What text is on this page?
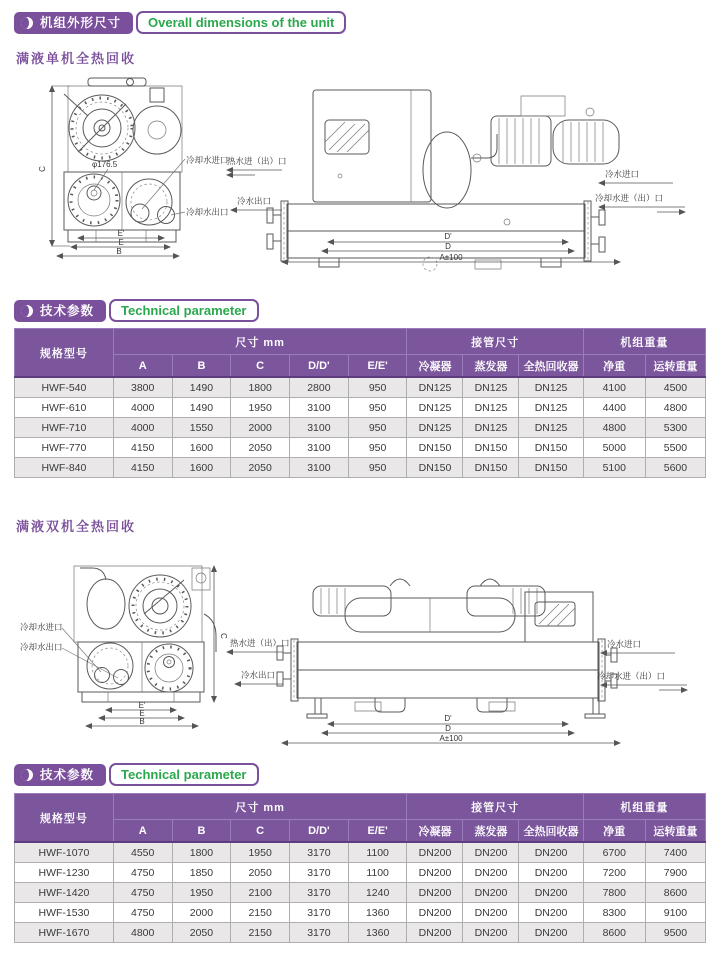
机组外形尺寸	Overall dimensions of the unit
满液单机全热回收
C	φ176.5	冷却水进口
冷却水出口
E'
E
B
热水进（出）口
冷水出口
D'
D
A±100
冷水进口
冷却水进（出）口
技术参数	Technical parameter
规格型号	尺寸 mm					接管尺寸			机组重量	
	A	B	C	D/D'	E/E'	冷凝器	蒸发器	全热回收器	净重	运转重量
HWF-540	3800	1490	1800	2800	950	DN125	DN125	DN125	4100	4500
HWF-610	4000	1490	1950	3100	950	DN125	DN125	DN125	4400	4800
HWF-710	4000	1550	2000	3100	950	DN125	DN125	DN125	4800	5300
HWF-770	4150	1600	2050	3100	950	DN150	DN150	DN150	5000	5500
HWF-840	4150	1600	2050	3100	950	DN150	DN150	DN150	5100	5600
满液双机全热回收
冷却水进口
冷却水出口
C
E'
E
B
热水进（出）口
冷水出口
D'
D
A±100
冷水进口
冷却水进（出）口
技术参数	Technical parameter
规格型号	尺寸 mm					接管尺寸			机组重量	
	A	B	C	D/D'	E/E'	冷凝器	蒸发器	全热回收器	净重	运转重量
HWF-1070	4550	1800	1950	3170	1100	DN200	DN200	DN200	6700	7400
HWF-1230	4750	1850	2050	3170	1100	DN200	DN200	DN200	7200	7900
HWF-1420	4750	1950	2100	3170	1240	DN200	DN200	DN200	7800	8600
HWF-1530	4750	2000	2150	3170	1360	DN200	DN200	DN200	8300	9100
HWF-1670	4800	2050	2150	3170	1360	DN200	DN200	DN200	8600	9500
